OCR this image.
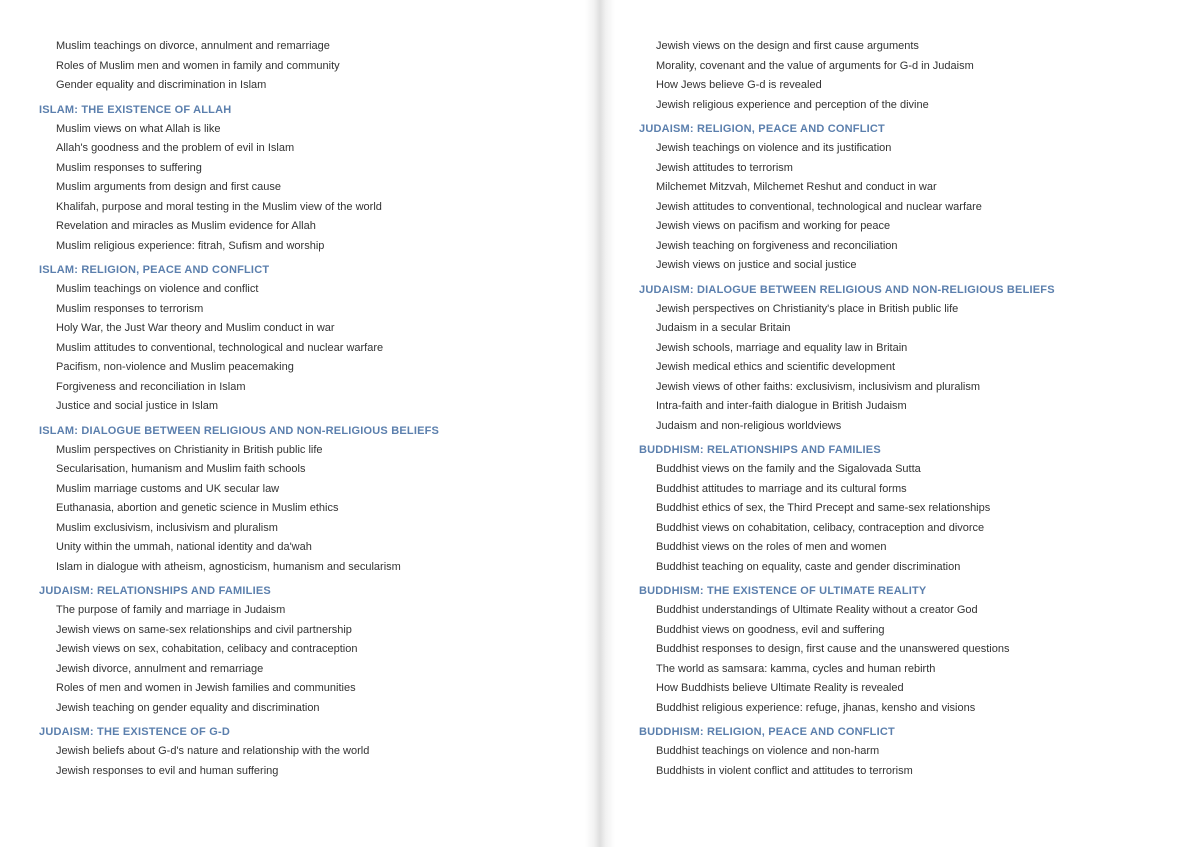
Muslim teachings on divorce, annulment and remarriage
Roles of Muslim men and women in family and community
Gender equality and discrimination in Islam
ISLAM: THE EXISTENCE OF ALLAH
Muslim views on what Allah is like
Allah's goodness and the problem of evil in Islam
Muslim responses to suffering
Muslim arguments from design and first cause
Khalifah, purpose and moral testing in the Muslim view of the world
Revelation and miracles as Muslim evidence for Allah
Muslim religious experience: fitrah, Sufism and worship
ISLAM: RELIGION, PEACE AND CONFLICT
Muslim teachings on violence and conflict
Muslim responses to terrorism
Holy War, the Just War theory and Muslim conduct in war
Muslim attitudes to conventional, technological and nuclear warfare
Pacifism, non-violence and Muslim peacemaking
Forgiveness and reconciliation in Islam
Justice and social justice in Islam
ISLAM: DIALOGUE BETWEEN RELIGIOUS AND NON-RELIGIOUS BELIEFS
Muslim perspectives on Christianity in British public life
Secularisation, humanism and Muslim faith schools
Muslim marriage customs and UK secular law
Euthanasia, abortion and genetic science in Muslim ethics
Muslim exclusivism, inclusivism and pluralism
Unity within the ummah, national identity and da'wah
Islam in dialogue with atheism, agnosticism, humanism and secularism
JUDAISM: RELATIONSHIPS AND FAMILIES
The purpose of family and marriage in Judaism
Jewish views on same-sex relationships and civil partnership
Jewish views on sex, cohabitation, celibacy and contraception
Jewish divorce, annulment and remarriage
Roles of men and women in Jewish families and communities
Jewish teaching on gender equality and discrimination
JUDAISM: THE EXISTENCE OF G-D
Jewish beliefs about G-d's nature and relationship with the world
Jewish responses to evil and human suffering
Jewish views on the design and first cause arguments
Morality, covenant and the value of arguments for G-d in Judaism
How Jews believe G-d is revealed
Jewish religious experience and perception of the divine
JUDAISM: RELIGION, PEACE AND CONFLICT
Jewish teachings on violence and its justification
Jewish attitudes to terrorism
Milchemet Mitzvah, Milchemet Reshut and conduct in war
Jewish attitudes to conventional, technological and nuclear warfare
Jewish views on pacifism and working for peace
Jewish teaching on forgiveness and reconciliation
Jewish views on justice and social justice
JUDAISM: DIALOGUE BETWEEN RELIGIOUS AND NON-RELIGIOUS BELIEFS
Jewish perspectives on Christianity's place in British public life
Judaism in a secular Britain
Jewish schools, marriage and equality law in Britain
Jewish medical ethics and scientific development
Jewish views of other faiths: exclusivism, inclusivism and pluralism
Intra-faith and inter-faith dialogue in British Judaism
Judaism and non-religious worldviews
BUDDHISM: RELATIONSHIPS AND FAMILIES
Buddhist views on the family and the Sigalovada Sutta
Buddhist attitudes to marriage and its cultural forms
Buddhist ethics of sex, the Third Precept and same-sex relationships
Buddhist views on cohabitation, celibacy, contraception and divorce
Buddhist views on the roles of men and women
Buddhist teaching on equality, caste and gender discrimination
BUDDHISM: THE EXISTENCE OF ULTIMATE REALITY
Buddhist understandings of Ultimate Reality without a creator God
Buddhist views on goodness, evil and suffering
Buddhist responses to design, first cause and the unanswered questions
The world as samsara: kamma, cycles and human rebirth
How Buddhists believe Ultimate Reality is revealed
Buddhist religious experience: refuge, jhanas, kensho and visions
BUDDHISM: RELIGION, PEACE AND CONFLICT
Buddhist teachings on violence and non-harm
Buddhists in violent conflict and attitudes to terrorism
